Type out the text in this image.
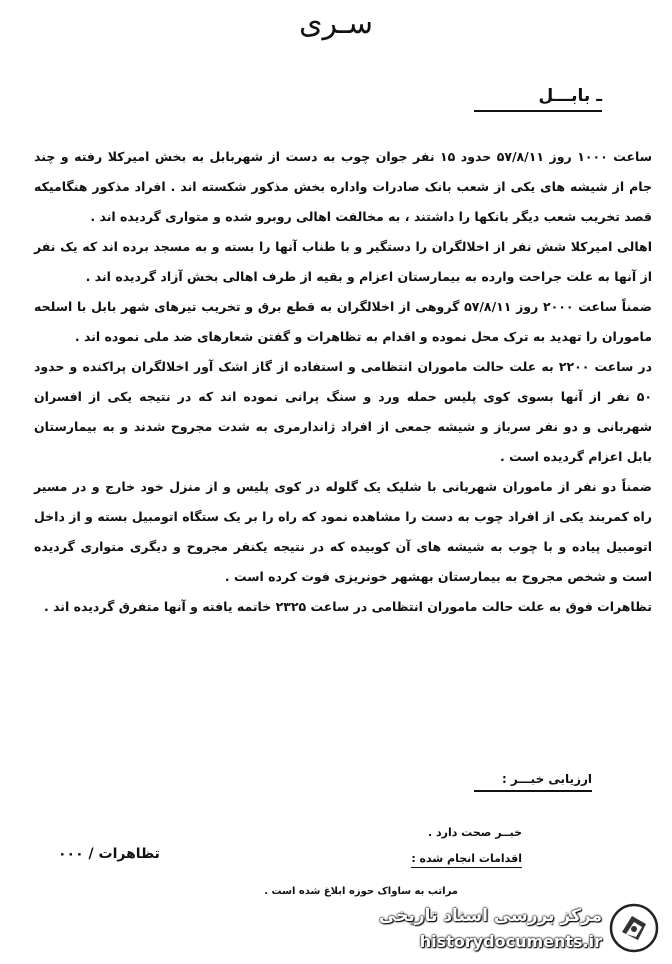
سـری
ـ بابـــل

ساعت ۱۰۰۰ روز ۵۷/۸/۱۱ حدود ۱۵ نفر جوان چوب به دست از شهربابل به بخش امیرکلا رفته و چند جام از شیشه های یکی از شعب بانک صادرات واداره بخش مذکور شکسته اند . افراد مذکور هنگامیکه قصد تخریب شعب دیگر بانکها را داشتند ، به مخالفت اهالی روبرو شده و متواری گردیده اند .

اهالی امیرکلا شش نفر از اخلالگران را دستگیر و با طناب آنها را بسته و به مسجد برده اند که یک نفر از آنها به علت جراحت وارده به بیمارستان اعزام و بقیه از طرف اهالی بخش آزاد گردیده اند .

ضمناً ساعت ۲۰۰۰ روز ۵۷/۸/۱۱ گروهی از اخلالگران به قطع برق و تخریب تیرهای شهر بابل با اسلحه ماموران را تهدید به ترک محل نموده و اقدام به تظاهرات و گفتن شعارهای ضد ملی نموده اند .

در ساعت ۲۲۰۰ به علت حالت ماموران انتظامی و استفاده از گاز اشک آور اخلالگران پراکنده و حدود ۵۰ نفر از آنها بسوی کوی پلیس حمله ورد و سنگ پرانی نموده اند که در نتیجه یکی از افسران شهربانی و دو نفر سرباز و شیشه جمعی از افراد ژاندارمری به شدت مجروح شدند و به بیمارستان بابل اعزام گردیده است .

ضمناً دو نفر از ماموران شهربانی با شلیک یک گلوله در کوی پلیس و از منزل خود خارج و در مسیر راه کمربند یکی از افراد چوب به دست را مشاهده نمود که راه را بر یک ستگاه اتومبیل بسته و از داخل اتومبیل پیاده و با چوب به شیشه های آن کوبیده که در نتیجه یکنفر مجروح و دیگری متواری گردیده است و شخص مجروح به بیمارستان بهشهر خونریزی فوت کرده است .

تظاهرات فوق به علت حالت ماموران انتظامی در ساعت ۲۳۲۵ خاتمه یافته و آنها متفرق گردیده اند .

ارزیابی خبـــر :
خبــر صحت دارد .
اقدامات انجام شده :
تظاهرات / ۰۰۰
مراتب به ساواک حوزه ابلاغ شده است .
مرکز بررسی اسناد تاریخی
historydocuments.ir
